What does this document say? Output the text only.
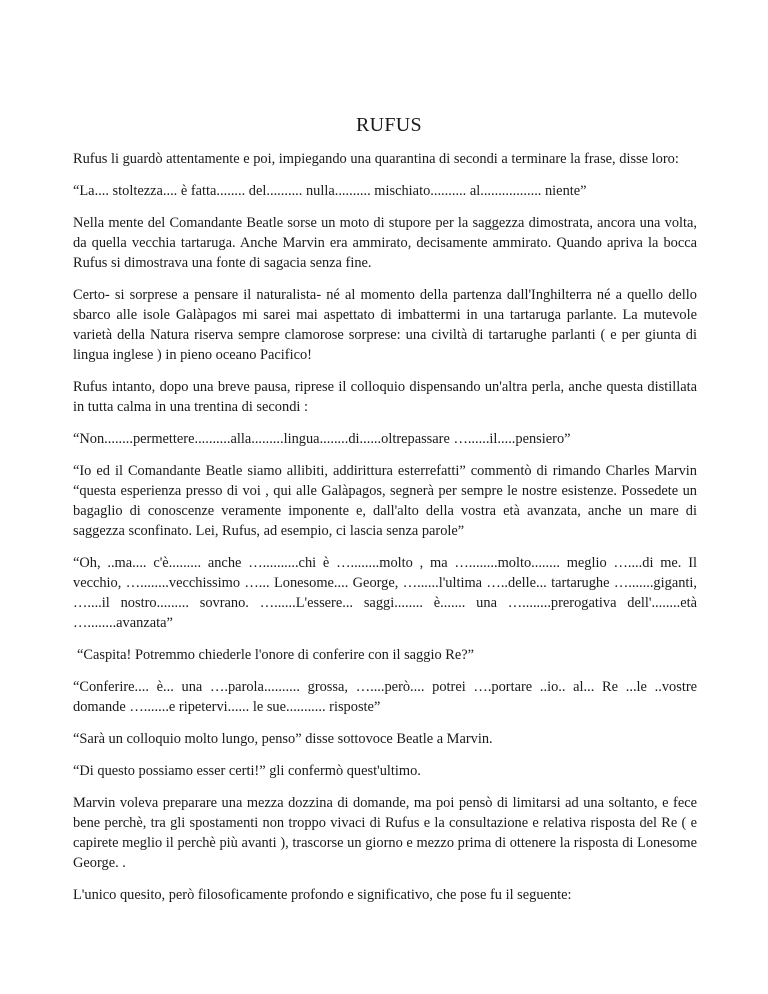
RUFUS

Rufus li guardò attentamente e poi, impiegando una quarantina di secondi a terminare la frase, disse loro:

“La.... stoltezza.... è fatta........ del.......... nulla.......... mischiato.......... al................. niente”

Nella mente del Comandante Beatle sorse un moto di stupore per la saggezza dimostrata, ancora una volta, da quella vecchia tartaruga. Anche Marvin era ammirato, decisamente ammirato. Quando apriva la bocca Rufus si dimostrava una fonte di sagacia senza fine.

Certo- si sorprese a pensare il naturalista- né al momento della partenza dall'Inghilterra né a quello dello sbarco alle isole Galàpagos mi sarei mai aspettato di imbattermi in una tartaruga parlante. La mutevole varietà della Natura riserva sempre clamorose sorprese: una civiltà di tartarughe parlanti ( e per giunta di lingua inglese ) in pieno oceano Pacifico!

Rufus intanto, dopo una breve pausa, riprese il colloquio dispensando un'altra perla, anche questa distillata in tutta calma in una trentina di secondi :

“Non........permettere..........alla.........lingua........di......oltrepassare …......il.....pensiero”

“Io ed il Comandante Beatle siamo allibiti, addirittura esterrefatti” commentò di rimando Charles Marvin “questa esperienza presso di voi , qui alle Galàpagos, segnerà per sempre le nostre esistenze. Possedete un bagaglio di conoscenze veramente imponente e, dall'alto della vostra età avanzata, anche un mare di saggezza sconfinato. Lei, Rufus, ad esempio, ci lascia senza parole”

“Oh, ..ma.... c'è......... anche …..........chi è …........molto , ma …........molto........ meglio …....di me. Il vecchio, …........vecchissimo …... Lonesome.... George, …......l'ultima …..delle... tartarughe ….......giganti, …....il nostro......... sovrano. …......L'essere... saggi........ è....... una …........prerogativa dell'........età …........avanzata”

“Caspita! Potremmo chiederle l'onore di conferire con il saggio Re?”

“Conferire.... è... una ….parola.......... grossa, …....però.... potrei ….portare ..io.. al... Re ...le ..vostre domande ….......e ripetervi...... le sue........... risposte”

“Sarà un colloquio molto lungo, penso” disse sottovoce Beatle a Marvin.

“Di questo possiamo esser certi!” gli confermò quest'ultimo.

Marvin voleva preparare una mezza dozzina di domande, ma poi pensò di limitarsi ad una soltanto, e fece bene perchè, tra gli spostamenti non troppo vivaci di Rufus e la consultazione e relativa risposta del Re ( e capirete meglio il perchè più avanti ), trascorse un giorno e mezzo prima di ottenere la risposta di Lonesome George. .

L'unico quesito, però filosoficamente profondo e significativo, che pose fu il seguente:
